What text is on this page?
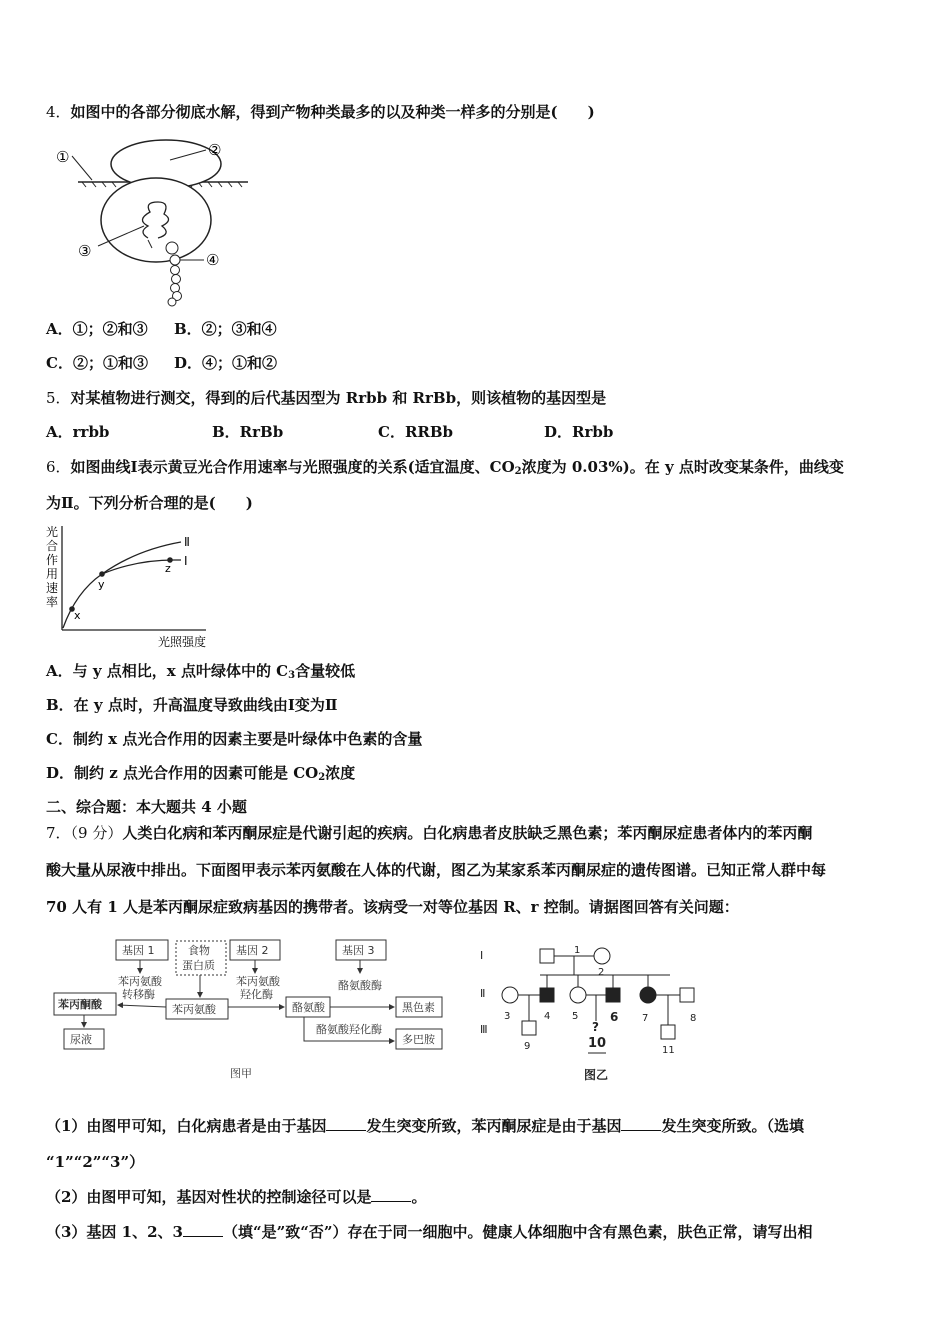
4．如图中的各部分彻底水解，得到产物种类最多的以及种类一样多的分别是(　　)
①	②
③	④
A．①；②和③ B．②；③和④
C．②；①和③ D．④；①和②
5．对某植物进行测交，得到的后代基因型为 Rrbb 和 RrBb，则该植物的基因型是
A．rrbb	B．RrBb	C．RRBb	D．Rrbb
6．如图曲线Ⅰ表示黄豆光合作用速率与光照强度的关系(适宜温度、$CO_2$浓度为 0.03%)。在 y 点时改变某条件，曲线变
为Ⅱ。下列分析合理的是(　　)
光
合
作
用
速
率
x
y
z
Ⅰ
Ⅱ
光照强度
A．与 y 点相比，x 点叶绿体中的 $C_3$含量较低
B．在 y 点时，升高温度导致曲线由Ⅰ变为Ⅱ
C．制约 x 点光合作用的因素主要是叶绿体中色素的含量
D．制约 z 点光合作用的因素可能是 $CO_2$浓度
二、综合题：本大题共 4 小题
7．（9 分）人类白化病和苯丙酮尿症是代谢引起的疾病。白化病患者皮肤缺乏黑色素；苯丙酮尿症患者体内的苯丙酮
酸大量从尿液中排出。下面图甲表示苯丙氨酸在人体的代谢，图乙为某家系苯丙酮尿症的遗传图谱。已知正常人群中每
70 人有 1 人是苯丙酮尿症致病基因的携带者。该病受一对等位基因 R、r 控制。请据图回答有关问题：
基因 1	食物
蛋白质
基因 2	基因 3
苯丙氨酸
转移酶
苯丙氨酸
羟化酶
酪氨酸酶
苯丙酮酸	苯丙氨酸	酪氨酸	黑色素
尿液
酪氨酸羟化酶
多巴胺
图甲
Ⅰ
Ⅱ
Ⅲ
2
1
3	4 5	6 7	8
9
?
10	11
图乙
（1）由图甲可知，白化病患者是由于基因	发生突变所致，苯丙酮尿症是由于基因	发生突变所致。（选填
“1”“2”“3”）
（2）由图甲可知，基因对性状的控制途径可以是	。
（3）基因 1、2、3	（填“是”致“否”）存在于同一细胞中。健康人体细胞中含有黑色素，肤色正常，请写出相
